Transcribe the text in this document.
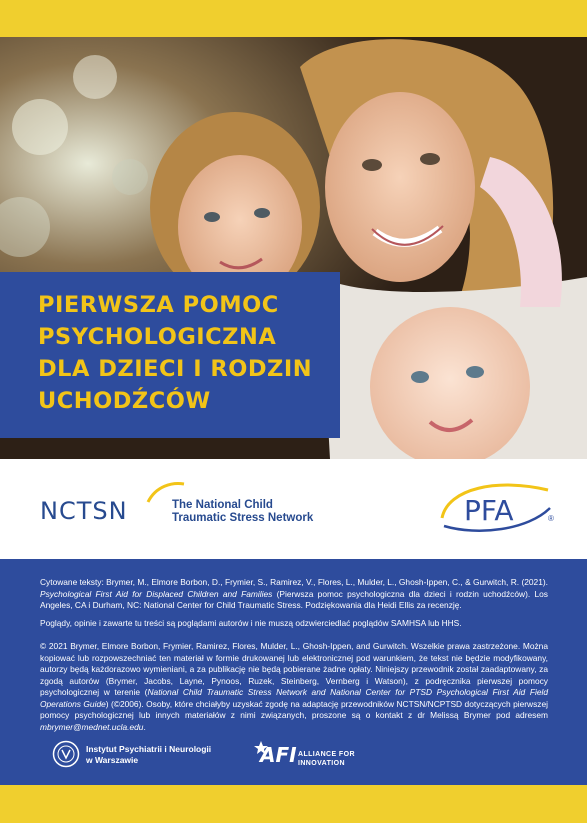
PIERWSZA POMOC
PSYCHOLOGICZNA
DLA DZIECI I RODZIN
UCHODŹCÓW
NCTSN	The National Child
Traumatic Stress Network	PFA	®
Cytowane teksty: Brymer, M., Elmore Borbon, D., Frymier, S., Ramirez, V., Flores, L., Mulder, L., Ghosh-Ippen, C., & Gurwitch, R. (2021). Psychological First Aid for Displaced Children and Families (Pierwsza pomoc psychologiczna dla dzieci i rodzin uchodźców). Los Angeles, CA i Durham, NC: National Center for Child Traumatic Stress. Podziękowania dla Heidi Ellis za recenzję.
Poglądy, opinie i zawarte tu treści są poglądami autorów i nie muszą odzwierciedlać poglądów SAMHSA lub HHS.
© 2021 Brymer, Elmore Borbon, Frymier, Ramirez, Flores, Mulder, L., Ghosh-Ippen, and Gurwitch. Wszelkie prawa zastrzeżone. Można kopiować lub rozpowszechniać ten materiał w formie drukowanej lub elektronicznej pod warunkiem, że tekst nie będzie modyfikowany, autorzy będą każdorazowo wymieniani, a za publikację nie będą pobierane żadne opłaty. Niniejszy przewodnik został zaadaptowany, za zgodą autorów (Brymer, Jacobs, Layne, Pynoos, Ruzek, Steinberg, Vernberg i Watson), z podręcznika pierwszej pomocy psychologicznej w terenie (National Child Traumatic Stress Network and National Center for PTSD Psychological First Aid Field Operations Guide) (©2006). Osoby, które chciałyby uzyskać zgodę na adaptację przewodników NCTSN/NCPTSD dotyczących pierwszej pomocy psychologicznej lub innych materiałów z nimi związanych, proszone są o kontakt z dr Melissą Brymer pod adresem mbrymer@mednet.ucla.edu.
Instytut Psychiatrii i Neurologii
w Warszawie	AFI ALLIANCE FOR
INNOVATION
